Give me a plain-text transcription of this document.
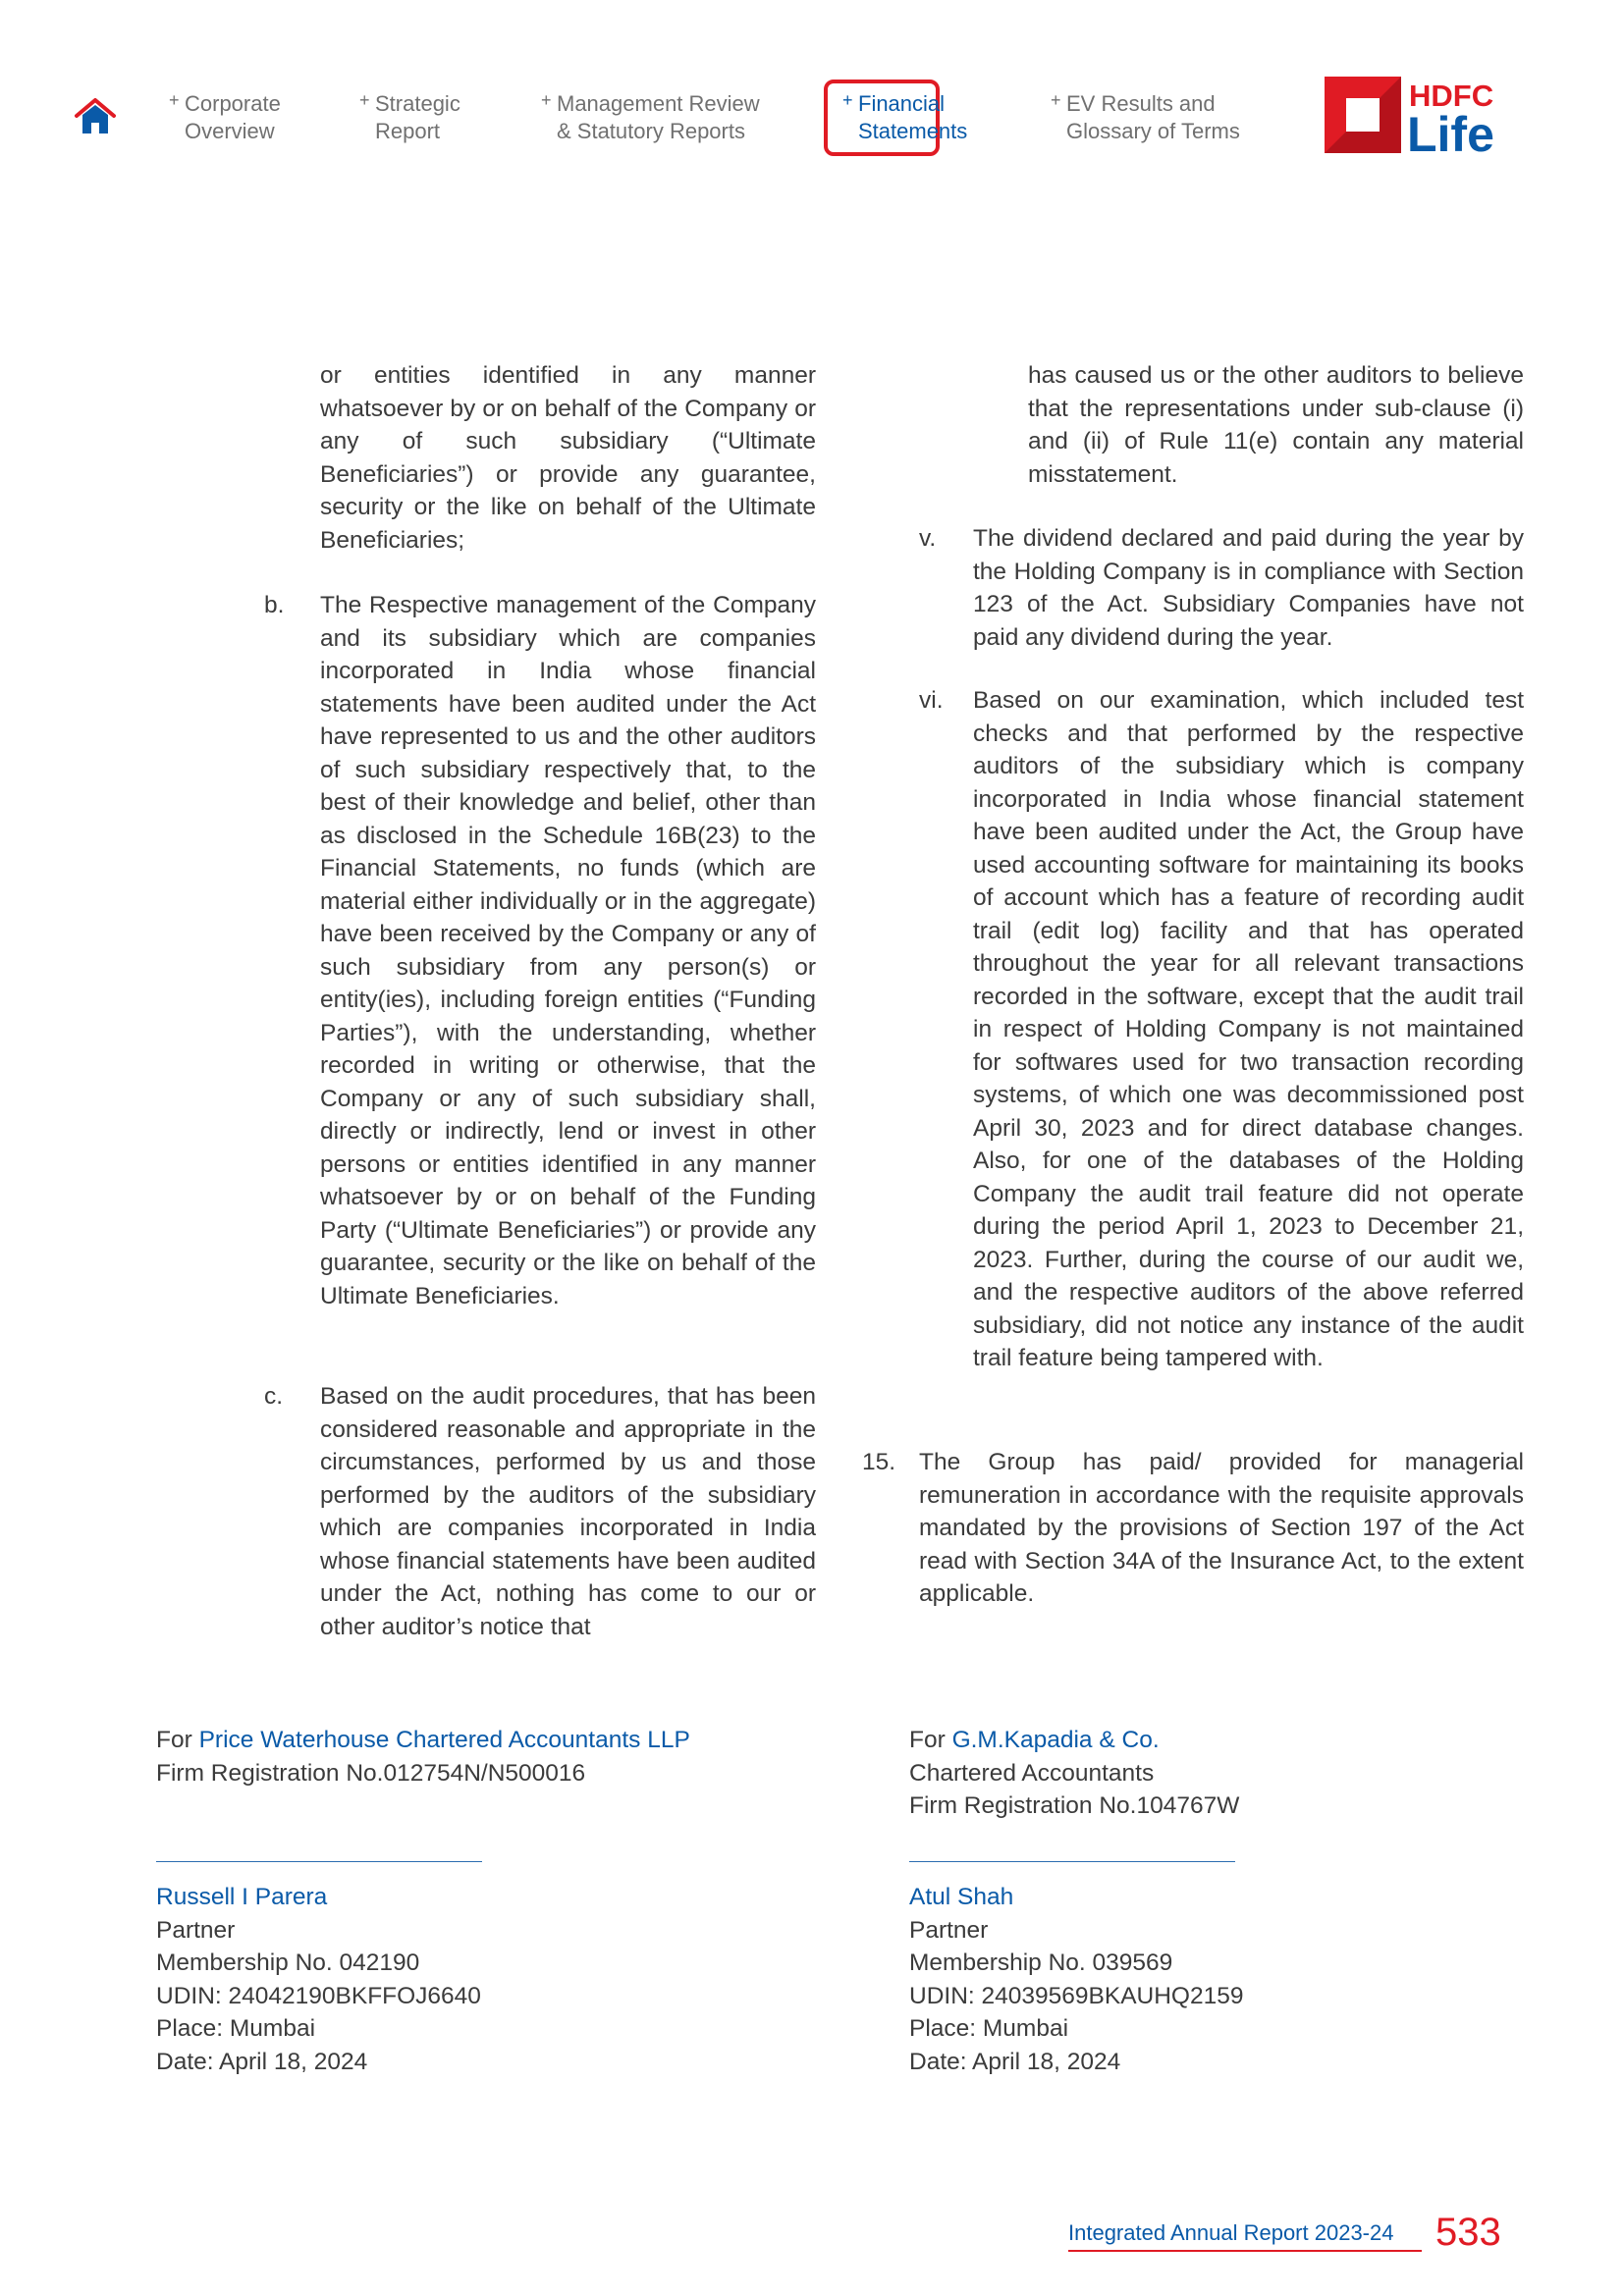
+ Corporate
Overview
+ Strategic
Report
+ Management Review
& Statutory Reports
+ Financial
Statements
+ EV Results and
Glossary of Terms
HDFC
Life
or entities identified in any manner whatsoever by or on behalf of the Company or any of such subsidiary (“Ultimate Beneficiaries”) or provide any guarantee, security or the like on behalf of the Ultimate Beneficiaries;
b. The Respective management of the Company and its subsidiary which are companies incorporated in India whose financial statements have been audited under the Act have represented to us and the other auditors of such subsidiary respectively that, to the best of their knowledge and belief, other than as disclosed in the Schedule 16B(23) to the Financial Statements, no funds (which are material either individually or in the aggregate) have been received by the Company or any of such subsidiary from any person(s) or entity(ies), including foreign entities (“Funding Parties”), with the understanding, whether recorded in writing or otherwise, that the Company or any of such subsidiary shall, directly or indirectly, lend or invest in other persons or entities identified in any manner whatsoever by or on behalf of the Funding Party (“Ultimate Beneficiaries”) or provide any guarantee, security or the like on behalf of the Ultimate Beneficiaries.
c. Based on the audit procedures, that has been considered reasonable and appropriate in the circumstances, performed by us and those performed by the auditors of the subsidiary which are companies incorporated in India whose financial statements have been audited under the Act, nothing has come to our or other auditor’s notice that
has caused us or the other auditors to believe that the representations under sub-clause (i) and (ii) of Rule 11(e) contain any material misstatement.
v. The dividend declared and paid during the year by the Holding Company is in compliance with Section 123 of the Act. Subsidiary Companies have not paid any dividend during the year.
vi. Based on our examination, which included test checks and that performed by the respective auditors of the subsidiary which is company incorporated in India whose financial statement have been audited under the Act, the Group have used accounting software for maintaining its books of account which has a feature of recording audit trail (edit log) facility and that has operated throughout the year for all relevant transactions recorded in the software, except that the audit trail in respect of Holding Company is not maintained for softwares used for two transaction recording systems, of which one was decommissioned post April 30, 2023 and for direct database changes. Also, for one of the databases of the Holding Company the audit trail feature did not operate during the period April 1, 2023 to December 21, 2023. Further, during the course of our audit we, and the respective auditors of the above referred subsidiary, did not notice any instance of the audit trail feature being tampered with.
15. The Group has paid/ provided for managerial remuneration in accordance with the requisite approvals mandated by the provisions of Section 197 of the Act read with Section 34A of the Insurance Act, to the extent applicable.
For Price Waterhouse Chartered Accountants LLP
Firm Registration No.012754N/N500016
Russell I Parera
Partner
Membership No. 042190
UDIN: 24042190BKFFOJ6640
Place: Mumbai
Date: April 18, 2024
For G.M.Kapadia & Co.
Chartered Accountants
Firm Registration No.104767W
Atul Shah
Partner
Membership No. 039569
UDIN: 24039569BKAUHQ2159
Place: Mumbai
Date: April 18, 2024
Integrated Annual Report 2023-24 533
